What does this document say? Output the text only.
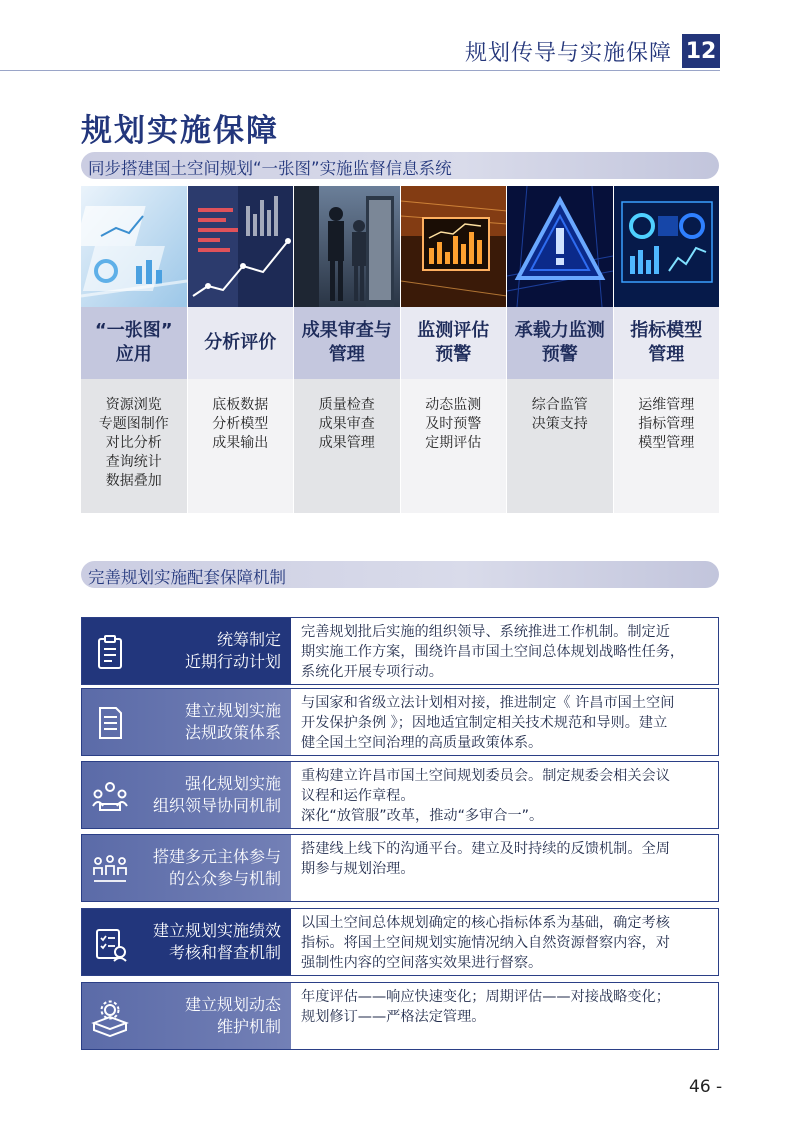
规划传导与实施保障 12
规划实施保障
同步搭建国土空间规划“一张图”实施监督信息系统
“一张图”
应用
资源浏览
专题图制作
对比分析
查询统计
数据叠加
分析评价
底板数据
分析模型
成果输出
成果审查与
管理
质量检查
成果审查
成果管理
监测评估
预警
动态监测
及时预警
定期评估
承载力监测
预警
综合监管
决策支持
指标模型
管理
运维管理
指标管理
模型管理
完善规划实施配套保障机制
统筹制定
近期行动计划
完善规划批后实施的组织领导、系统推进工作机制。制定近
期实施工作方案，围绕许昌市国土空间总体规划战略性任务，
系统化开展专项行动。
建立规划实施
法规政策体系
与国家和省级立法计划相对接，推进制定《 许昌市国土空间
开发保护条例 》；因地适宜制定相关技术规范和导则。建立
健全国土空间治理的高质量政策体系。
强化规划实施
组织领导协同机制
重构建立许昌市国土空间规划委员会。制定规委会相关会议
议程和运作章程。
深化“放管服”改革，推动“多审合一”。
搭建多元主体参与
的公众参与机制
搭建线上线下的沟通平台。建立及时持续的反馈机制。全周
期参与规划治理。
建立规划实施绩效
考核和督查机制
以国土空间总体规划确定的核心指标体系为基础，确定考核
指标。将国土空间规划实施情况纳入自然资源督察内容，对
强制性内容的空间落实效果进行督察。
建立规划动态
维护机制
年度评估——响应快速变化；周期评估——对接战略变化；
规划修订——严格法定管理。
46 -
